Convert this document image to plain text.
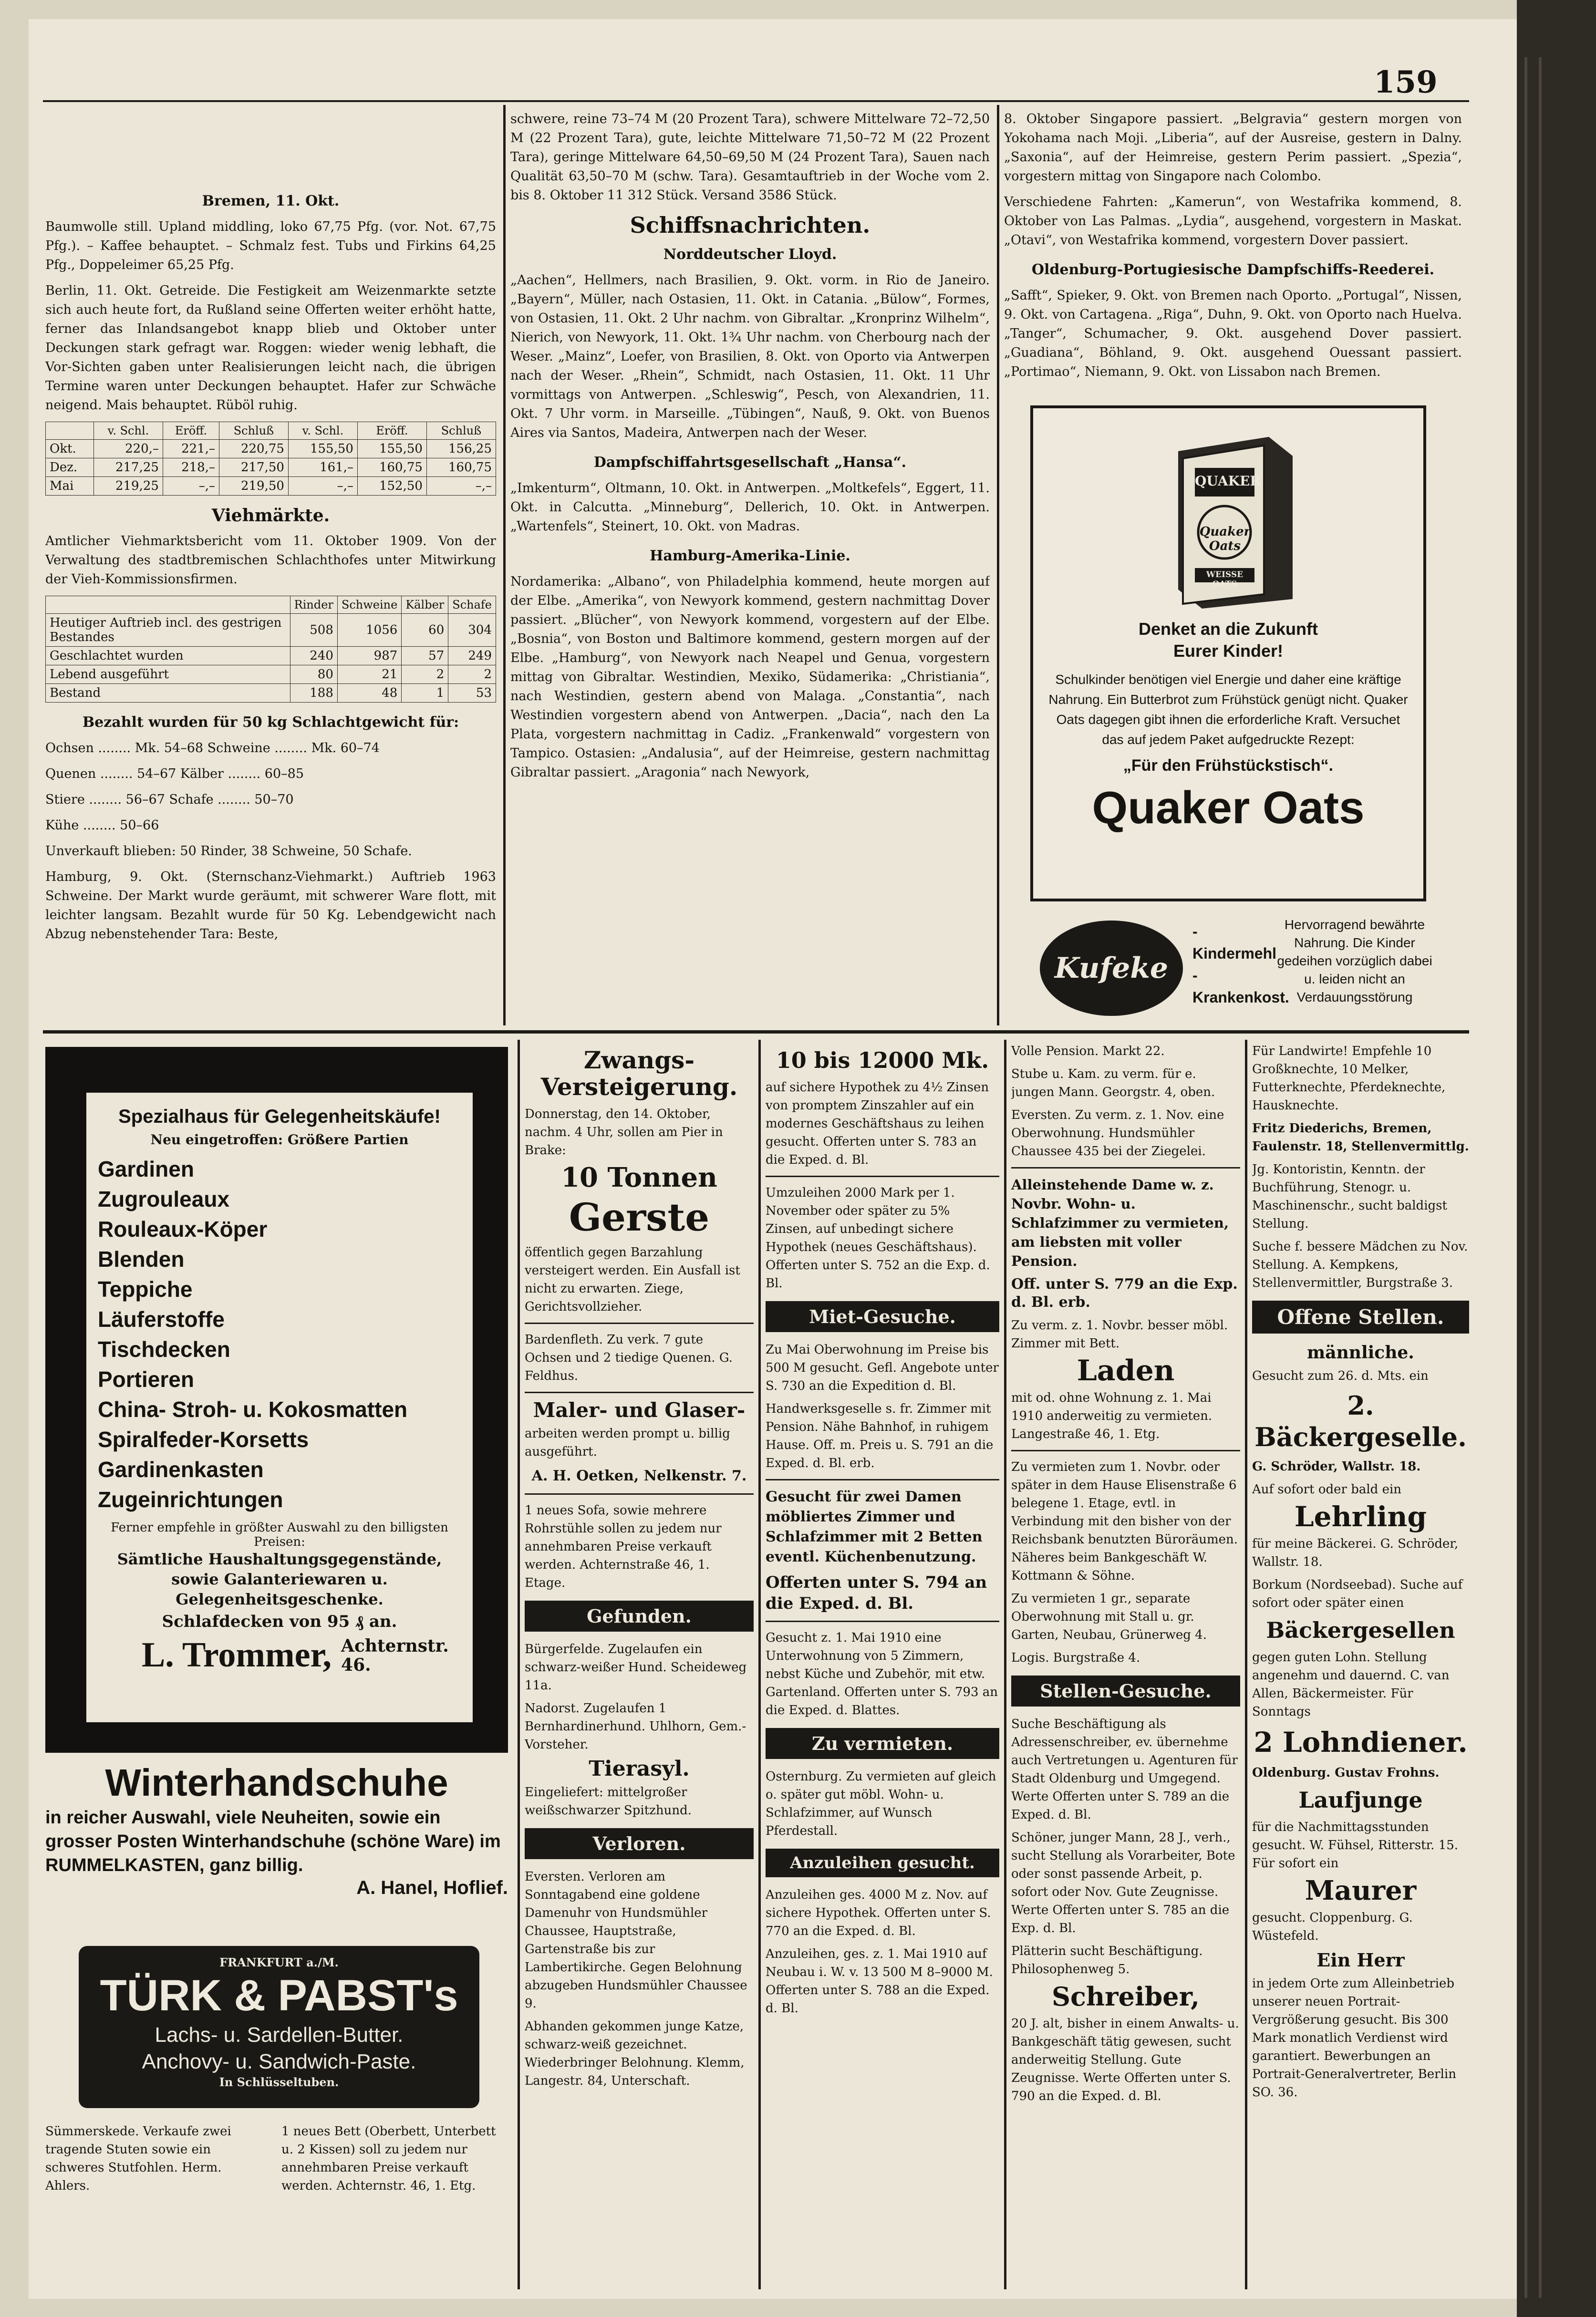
159

Bremen, 11. Okt.

Baumwolle still. Upland middling, loko 67,75 Pfg. (vor. Not. 67,75 Pfg.). – Kaffee behauptet. – Schmalz fest. Tubs und Firkins 64,25 Pfg., Doppeleimer 65,25 Pfg.

Berlin, 11. Okt. Getreide. Die Festigkeit am Weizenmarkte setzte sich auch heute fort, da Rußland seine Offerten weiter erhöht hatte, ferner das Inlandsangebot knapp blieb und Oktober unter Deckungen stark gefragt war. Roggen: wieder wenig lebhaft, die Vor-Sichten gaben unter Realisierungen leicht nach, die übrigen Termine waren unter Deckungen behauptet. Hafer zur Schwäche neigend. Mais behauptet. Rüböl ruhig.

	v. Schl.	Eröff.	Schluß	v. Schl.	Eröff.	Schluß
Okt.	220,–	221,–	220,75	155,50	155,50	156,25
Dez.	217,25	218,–	217,50	161,–	160,75	160,75
Mai	219,25	–,–	219,50	–,–	152,50	–,–

Viehmärkte.

Amtlicher Viehmarktsbericht vom 11. Oktober 1909. Von der Verwaltung des stadtbremischen Schlachthofes unter Mitwirkung der Vieh-Kommissionsfirmen.

	Rinder	Schweine	Kälber	Schafe
Heutiger Auftrieb incl. des gestrigen Bestandes	508	1056	60	304
Geschlachtet wurden	240	987	57	249
Lebend ausgeführt	80	21	2	2
Bestand	188	48	1	53

Bezahlt wurden für 50 kg Schlachtgewicht für:

Ochsen ........ Mk. 54–68 Schweine ........ Mk. 60–74

Quenen ........ 54–67 Kälber ........ 60–85

Stiere ........ 56–67 Schafe ........ 50–70

Kühe ........ 50–66

Unverkauft blieben: 50 Rinder, 38 Schweine, 50 Schafe.

Hamburg, 9. Okt. (Sternschanz-Viehmarkt.) Auftrieb 1963 Schweine. Der Markt wurde geräumt, mit schwerer Ware flott, mit leichter langsam. Bezahlt wurde für 50 Kg. Lebendgewicht nach Abzug nebenstehender Tara: Beste,

schwere, reine 73–74 M (20 Prozent Tara), schwere Mittelware 72–72,50 M (22 Prozent Tara), gute, leichte Mittelware 71,50–72 M (22 Prozent Tara), geringe Mittelware 64,50–69,50 M (24 Prozent Tara), Sauen nach Qualität 63,50–70 M (schw. Tara). Gesamtauftrieb in der Woche vom 2. bis 8. Oktober 11 312 Stück. Versand 3586 Stück.

Schiffsnachrichten.

Norddeutscher Lloyd.

„Aachen“, Hellmers, nach Brasilien, 9. Okt. vorm. in Rio de Janeiro. „Bayern“, Müller, nach Ostasien, 11. Okt. in Catania. „Bülow“, Formes, von Ostasien, 11. Okt. 2 Uhr nachm. von Gibraltar. „Kronprinz Wilhelm“, Nierich, von Newyork, 11. Okt. 1¾ Uhr nachm. von Cherbourg nach der Weser. „Mainz“, Loefer, von Brasilien, 8. Okt. von Oporto via Antwerpen nach der Weser. „Rhein“, Schmidt, nach Ostasien, 11. Okt. 11 Uhr vormittags von Antwerpen. „Schleswig“, Pesch, von Alexandrien, 11. Okt. 7 Uhr vorm. in Marseille. „Tübingen“, Nauß, 9. Okt. von Buenos Aires via Santos, Madeira, Antwerpen nach der Weser.

Dampfschiffahrtsgesellschaft „Hansa“.

„Imkenturm“, Oltmann, 10. Okt. in Antwerpen. „Moltkefels“, Eggert, 11. Okt. in Calcutta. „Minneburg“, Dellerich, 10. Okt. in Antwerpen. „Wartenfels“, Steinert, 10. Okt. von Madras.

Hamburg-Amerika-Linie.

Nordamerika: „Albano“, von Philadelphia kommend, heute morgen auf der Elbe. „Amerika“, von Newyork kommend, gestern nachmittag Dover passiert. „Blücher“, von Newyork kommend, vorgestern auf der Elbe. „Bosnia“, von Boston und Baltimore kommend, gestern morgen auf der Elbe. „Hamburg“, von Newyork nach Neapel und Genua, vorgestern mittag von Gibraltar. Westindien, Mexiko, Südamerika: „Christiania“, nach Westindien, gestern abend von Malaga. „Constantia“, nach Westindien vorgestern abend von Antwerpen. „Dacia“, nach den La Plata, vorgestern nachmittag in Cadiz. „Frankenwald“ vorgestern von Tampico. Ostasien: „Andalusia“, auf der Heimreise, gestern nachmittag Gibraltar passiert. „Aragonia“ nach Newyork,

8. Oktober Singapore passiert. „Belgravia“ gestern morgen von Yokohama nach Moji. „Liberia“, auf der Ausreise, gestern in Dalny. „Saxonia“, auf der Heimreise, gestern Perim passiert. „Spezia“, vorgestern mittag von Singapore nach Colombo.

Verschiedene Fahrten: „Kamerun“, von Westafrika kommend, 8. Oktober von Las Palmas. „Lydia“, ausgehend, vorgestern in Maskat. „Otavi“, von Westafrika kommend, vorgestern Dover passiert.

Oldenburg-Portugiesische Dampfschiffs-Reederei.

„Safft“, Spieker, 9. Okt. von Bremen nach Oporto. „Portugal“, Nissen, 9. Okt. von Cartagena. „Riga“, Duhn, 9. Okt. von Oporto nach Huelva. „Tanger“, Schumacher, 9. Okt. ausgehend Dover passiert. „Guadiana“, Böhland, 9. Okt. ausgehend Ouessant passiert. „Portimao“, Niemann, 9. Okt. von Lissabon nach Bremen.

QUAKER
Quaker Oats
WEISSE OATS
Denket an die Zukunft
Eurer Kinder!
Schulkinder benötigen viel Energie und daher eine kräftige Nahrung. Ein Butterbrot zum Frühstück genügt nicht. Quaker Oats dagegen gibt ihnen die erforderliche Kraft. Versuchet das auf jedem Paket aufgedruckte Rezept:
„Für den Frühstückstisch“.
Quaker Oats
Kufeke
-Kindermehl -Krankenkost.
Hervorragend bewährte Nahrung. Die Kinder gedeihen vorzüglich dabei u. leiden nicht an Verdauungsstörung
Spezialhaus für Gelegenheitskäufe!
Neu eingetroffen: Größere Partien
Gardinen
Zugrouleaux
Rouleaux-Köper
Blenden
Teppiche
Läuferstoffe
Tischdecken
Portieren
China- Stroh- u. Kokosmatten
Spiralfeder-Korsetts
Gardinenkasten
Zugeinrichtungen
Ferner empfehle in größter Auswahl zu den billigsten Preisen:
Sämtliche Haushaltungsgegenstände, sowie Galanteriewaren u. Gelegenheitsgeschenke.
Schlafdecken von 95 ₰ an.
L. Trommer, Achternstr. 46.
Winterhandschuhe
in reicher Auswahl, viele Neuheiten, sowie ein grosser Posten Winterhandschuhe (schöne Ware) im RUMMELKASTEN, ganz billig.
A. Hanel, Hoflief.
FRANKFURT a./M.
TÜRK & PABST's
Lachs- u. Sardellen-Butter.
Anchovy- u. Sandwich-Paste.
In Schlüsseltuben.

Sümmerskede. Verkaufe zwei tragende Stuten sowie ein schweres Stutfohlen. Herm. Ahlers.

1 neues Bett (Oberbett, Unterbett u. 2 Kissen) soll zu jedem nur annehmbaren Preise verkauft werden. Achternstr. 46, 1. Etg.

Zwangs-Versteigerung.

Donnerstag, den 14. Oktober, nachm. 4 Uhr, sollen am Pier in Brake:

10 Tonnen
Gerste

öffentlich gegen Barzahlung versteigert werden. Ein Ausfall ist nicht zu erwarten. Ziege, Gerichtsvollzieher.

Bardenfleth. Zu verk. 7 gute Ochsen und 2 tiedige Quenen. G. Feldhus.

Maler- und Glaser-

arbeiten werden prompt u. billig ausgeführt.

A. H. Oetken, Nelkenstr. 7.

1 neues Sofa, sowie mehrere Rohrstühle sollen zu jedem nur annehmbaren Preise verkauft werden. Achternstraße 46, 1. Etage.

Gefunden.

Bürgerfelde. Zugelaufen ein schwarz-weißer Hund. Scheideweg 11a.

Nadorst. Zugelaufen 1 Bernhardinerhund. Uhlhorn, Gem.-Vorsteher.

Tierasyl.

Eingeliefert: mittelgroßer weißschwarzer Spitzhund.

Verloren.

Eversten. Verloren am Sonntagabend eine goldene Damenuhr von Hundsmühler Chaussee, Hauptstraße, Gartenstraße bis zur Lambertikirche. Gegen Belohnung abzugeben Hundsmühler Chaussee 9.

Abhanden gekommen junge Katze, schwarz-weiß gezeichnet. Wiederbringer Belohnung. Klemm, Langestr. 84, Unterschaft.

10 bis 12000 Mk.

auf sichere Hypothek zu 4½ Zinsen von promptem Zinszahler auf ein modernes Geschäftshaus zu leihen gesucht. Offerten unter S. 783 an die Exped. d. Bl.

Umzuleihen 2000 Mark per 1. November oder später zu 5% Zinsen, auf unbedingt sichere Hypothek (neues Geschäftshaus). Offerten unter S. 752 an die Exp. d. Bl.

Miet-Gesuche.

Zu Mai Oberwohnung im Preise bis 500 M gesucht. Gefl. Angebote unter S. 730 an die Expedition d. Bl.

Handwerksgeselle s. fr. Zimmer mit Pension. Nähe Bahnhof, in ruhigem Hause. Off. m. Preis u. S. 791 an die Exped. d. Bl. erb.

Gesucht für zwei Damen möbliertes Zimmer und Schlafzimmer mit 2 Betten eventl. Küchenbenutzung.

Offerten unter S. 794 an die Exped. d. Bl.

Gesucht z. 1. Mai 1910 eine Unterwohnung von 5 Zimmern, nebst Küche und Zubehör, mit etw. Gartenland. Offerten unter S. 793 an die Exped. d. Blattes.

Zu vermieten.

Osternburg. Zu vermieten auf gleich o. später gut möbl. Wohn- u. Schlafzimmer, auf Wunsch Pferdestall.

Anzuleihen gesucht.

Anzuleihen ges. 4000 M z. Nov. auf sichere Hypothek. Offerten unter S. 770 an die Exped. d. Bl.

Anzuleihen, ges. z. 1. Mai 1910 auf Neubau i. W. v. 13 500 M 8–9000 M. Offerten unter S. 788 an die Exped. d. Bl.

Volle Pension. Markt 22.

Stube u. Kam. zu verm. für e. jungen Mann. Georgstr. 4, oben.

Eversten. Zu verm. z. 1. Nov. eine Oberwohnung. Hundsmühler Chaussee 435 bei der Ziegelei.

Alleinstehende Dame w. z. Novbr. Wohn- u. Schlafzimmer zu vermieten, am liebsten mit voller Pension.

Off. unter S. 779 an die Exp. d. Bl. erb.

Zu verm. z. 1. Novbr. besser möbl. Zimmer mit Bett.

Laden

mit od. ohne Wohnung z. 1. Mai 1910 anderweitig zu vermieten. Langestraße 46, 1. Etg.

Zu vermieten zum 1. Novbr. oder später in dem Hause Elisenstraße 6 belegene 1. Etage, evtl. in Verbindung mit den bisher von der Reichsbank benutzten Büroräumen. Näheres beim Bankgeschäft W. Kottmann & Söhne.

Zu vermieten 1 gr., separate Oberwohnung mit Stall u. gr. Garten, Neubau, Grünerweg 4.

Logis. Burgstraße 4.

Stellen-Gesuche.

Suche Beschäftigung als Adressenschreiber, ev. übernehme auch Vertretungen u. Agenturen für Stadt Oldenburg und Umgegend. Werte Offerten unter S. 789 an die Exped. d. Bl.

Schöner, junger Mann, 28 J., verh., sucht Stellung als Vorarbeiter, Bote oder sonst passende Arbeit, p. sofort oder Nov. Gute Zeugnisse. Werte Offerten unter S. 785 an die Exp. d. Bl.

Plätterin sucht Beschäftigung. Philosophenweg 5.

Schreiber,

20 J. alt, bisher in einem Anwalts- u. Bankgeschäft tätig gewesen, sucht anderweitig Stellung. Gute Zeugnisse. Werte Offerten unter S. 790 an die Exped. d. Bl.

Für Landwirte! Empfehle 10 Großknechte, 10 Melker, Futterknechte, Pferdeknechte, Hausknechte.

Fritz Diederichs, Bremen, Faulenstr. 18, Stellenvermittlg.

Jg. Kontoristin, Kenntn. der Buchführung, Stenogr. u. Maschinenschr., sucht baldigst Stellung.

Suche f. bessere Mädchen zu Nov. Stellung. A. Kempkens, Stellenvermittler, Burgstraße 3.

Offene Stellen.
männliche.

Gesucht zum 26. d. Mts. ein

2. Bäckergeselle.

G. Schröder, Wallstr. 18.

Auf sofort oder bald ein

Lehrling

für meine Bäckerei. G. Schröder, Wallstr. 18.

Borkum (Nordseebad). Suche auf sofort oder später einen

Bäckergesellen

gegen guten Lohn. Stellung angenehm und dauernd. C. van Allen, Bäckermeister. Für Sonntags

2 Lohndiener.

Oldenburg. Gustav Frohns.

Laufjunge

für die Nachmittagsstunden gesucht. W. Fühsel, Ritterstr. 15. Für sofort ein

Maurer

gesucht. Cloppenburg. G. Wüstefeld.

Ein Herr

in jedem Orte zum Alleinbetrieb unserer neuen Portrait-Vergrößerung gesucht. Bis 300 Mark monatlich Verdienst wird garantiert. Bewerbungen an Portrait-Generalvertreter, Berlin SO. 36.
